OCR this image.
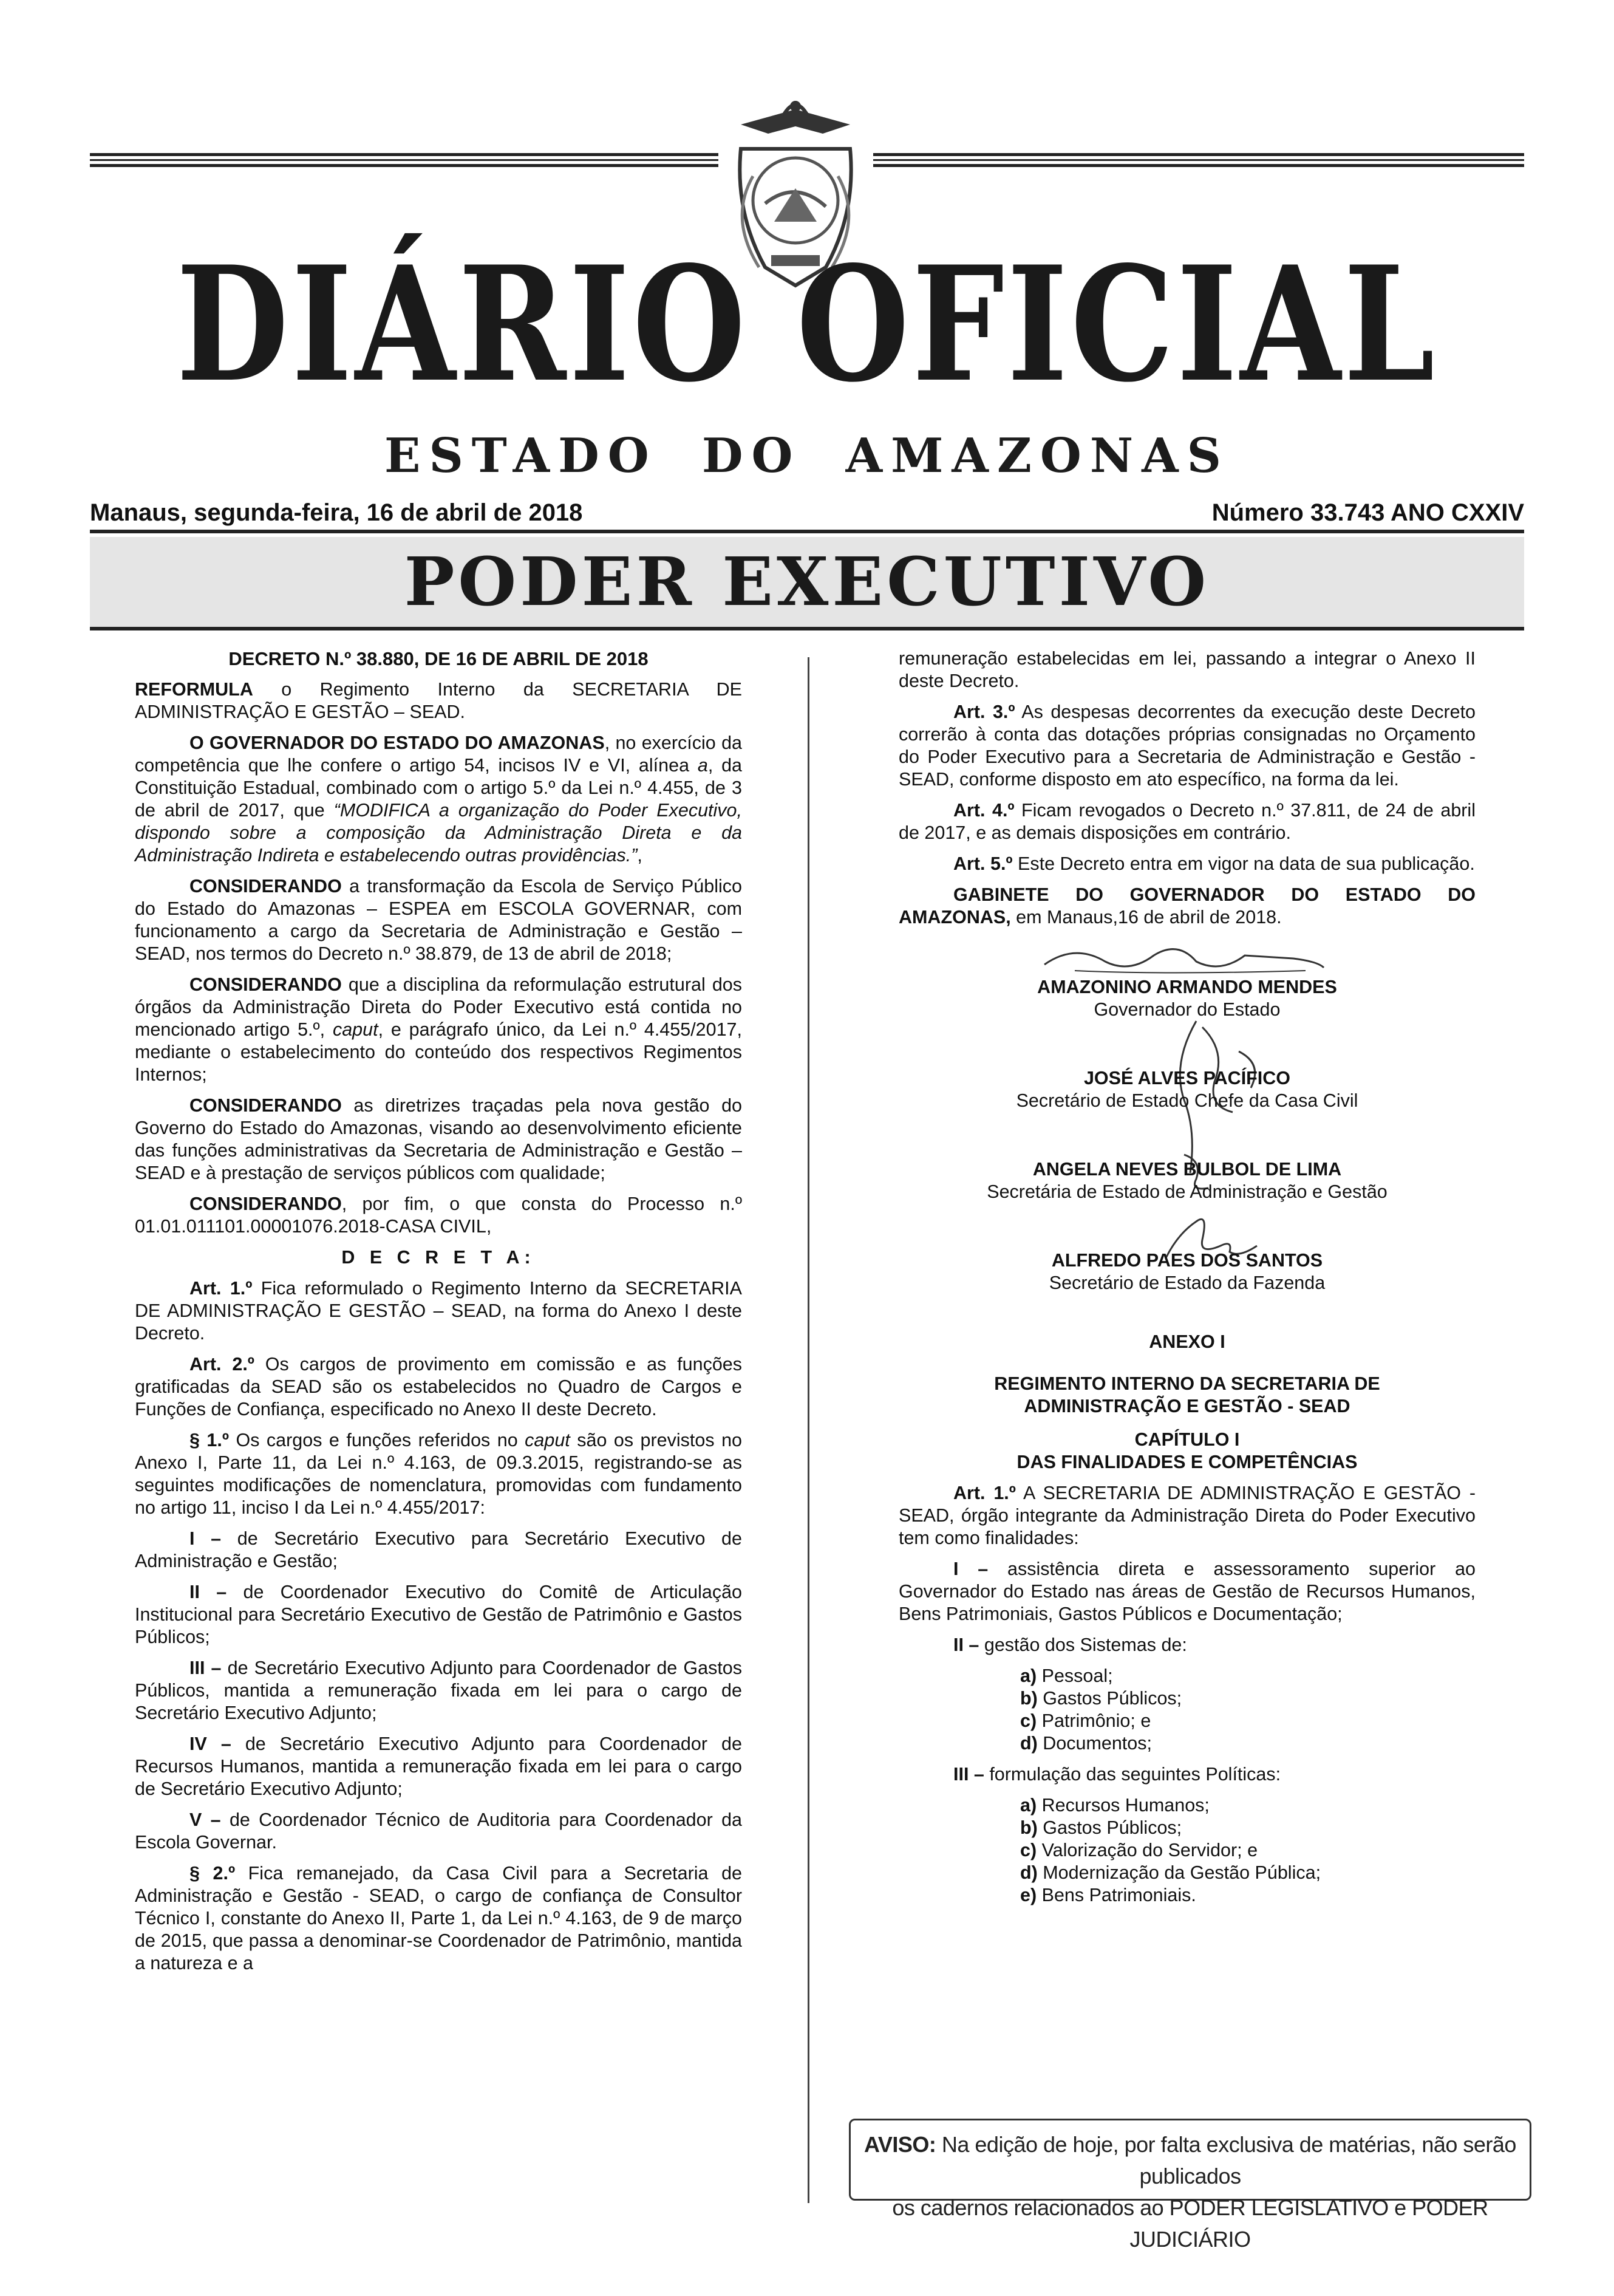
DIÁRIO OFICIAL
ESTADO DO AMAZONAS
Manaus, segunda-feira, 16 de abril de 2018	Número 33.743 ANO CXXIV
PODER EXECUTIVO

DECRETO N.º 38.880, DE 16 DE ABRIL DE 2018

REFORMULA o Regimento Interno da SECRETARIA DE ADMINISTRAÇÃO E GESTÃO – SEAD.

O GOVERNADOR DO ESTADO DO AMAZONAS, no exercício da competência que lhe confere o artigo 54, incisos IV e VI, alínea a, da Constituição Estadual, combinado com o artigo 5.º da Lei n.º 4.455, de 3 de abril de 2017, que “MODIFICA a organização do Poder Executivo, dispondo sobre a composição da Administração Direta e da Administração Indireta e estabelecendo outras providências.”,

CONSIDERANDO a transformação da Escola de Serviço Público do Estado do Amazonas – ESPEA em ESCOLA GOVERNAR, com funcionamento a cargo da Secretaria de Administração e Gestão – SEAD, nos termos do Decreto n.º 38.879, de 13 de abril de 2018;

CONSIDERANDO que a disciplina da reformulação estrutural dos órgãos da Administração Direta do Poder Executivo está contida no mencionado artigo 5.º, caput, e parágrafo único, da Lei n.º 4.455/2017, mediante o estabelecimento do conteúdo dos respectivos Regimentos Internos;

CONSIDERANDO as diretrizes traçadas pela nova gestão do Governo do Estado do Amazonas, visando ao desenvolvimento eficiente das funções administrativas da Secretaria de Administração e Gestão – SEAD e à prestação de serviços públicos com qualidade;

CONSIDERANDO, por fim, o que consta do Processo n.º 01.01.011101.00001076.2018-CASA CIVIL,

D E C R E T A:

Art. 1.º Fica reformulado o Regimento Interno da SECRETARIA DE ADMINISTRAÇÃO E GESTÃO – SEAD, na forma do Anexo I deste Decreto.

Art. 2.º Os cargos de provimento em comissão e as funções gratificadas da SEAD são os estabelecidos no Quadro de Cargos e Funções de Confiança, especificado no Anexo II deste Decreto.

§ 1.º Os cargos e funções referidos no caput são os previstos no Anexo I, Parte 11, da Lei n.º 4.163, de 09.3.2015, registrando-se as seguintes modificações de nomenclatura, promovidas com fundamento no artigo 11, inciso I da Lei n.º 4.455/2017:

I – de Secretário Executivo para Secretário Executivo de Administração e Gestão;

II – de Coordenador Executivo do Comitê de Articulação Institucional para Secretário Executivo de Gestão de Patrimônio e Gastos Públicos;

III – de Secretário Executivo Adjunto para Coordenador de Gastos Públicos, mantida a remuneração fixada em lei para o cargo de Secretário Executivo Adjunto;

IV – de Secretário Executivo Adjunto para Coordenador de Recursos Humanos, mantida a remuneração fixada em lei para o cargo de Secretário Executivo Adjunto;

V – de Coordenador Técnico de Auditoria para Coordenador da Escola Governar.

§ 2.º Fica remanejado, da Casa Civil para a Secretaria de Administração e Gestão - SEAD, o cargo de confiança de Consultor Técnico I, constante do Anexo II, Parte 1, da Lei n.º 4.163, de 9 de março de 2015, que passa a denominar-se Coordenador de Patrimônio, mantida a natureza e a

remuneração estabelecidas em lei, passando a integrar o Anexo II deste Decreto.

Art. 3.º As despesas decorrentes da execução deste Decreto correrão à conta das dotações próprias consignadas no Orçamento do Poder Executivo para a Secretaria de Administração e Gestão - SEAD, conforme disposto em ato específico, na forma da lei.

Art. 4.º Ficam revogados o Decreto n.º 37.811, de 24 de abril de 2017, e as demais disposições em contrário.

Art. 5.º Este Decreto entra em vigor na data de sua publicação.

GABINETE DO GOVERNADOR DO ESTADO DO AMAZONAS, em Manaus,16 de abril de 2018.

AMAZONINO ARMANDO MENDES
Governador do Estado
JOSÉ ALVES PACÍFICO
Secretário de Estado Chefe da Casa Civil
ANGELA NEVES BULBOL DE LIMA
Secretária de Estado de Administração e Gestão
ALFREDO PAES DOS SANTOS
Secretário de Estado da Fazenda

ANEXO I

REGIMENTO INTERNO DA SECRETARIA DE

ADMINISTRAÇÃO E GESTÃO - SEAD

CAPÍTULO I

DAS FINALIDADES E COMPETÊNCIAS

Art. 1.º A SECRETARIA DE ADMINISTRAÇÃO E GESTÃO - SEAD, órgão integrante da Administração Direta do Poder Executivo tem como finalidades:

I – assistência direta e assessoramento superior ao Governador do Estado nas áreas de Gestão de Recursos Humanos, Bens Patrimoniais, Gastos Públicos e Documentação;

II – gestão dos Sistemas de:

a) Pessoal;
b) Gastos Públicos;
c) Patrimônio; e
d) Documentos;

III – formulação das seguintes Políticas:

a) Recursos Humanos;
b) Gastos Públicos;
c) Valorização do Servidor; e
d) Modernização da Gestão Pública;
e) Bens Patrimoniais.
AVISO: Na edição de hoje, por falta exclusiva de matérias, não serão publicados
os cadernos relacionados ao PODER LEGISLATIVO e PODER JUDICIÁRIO
